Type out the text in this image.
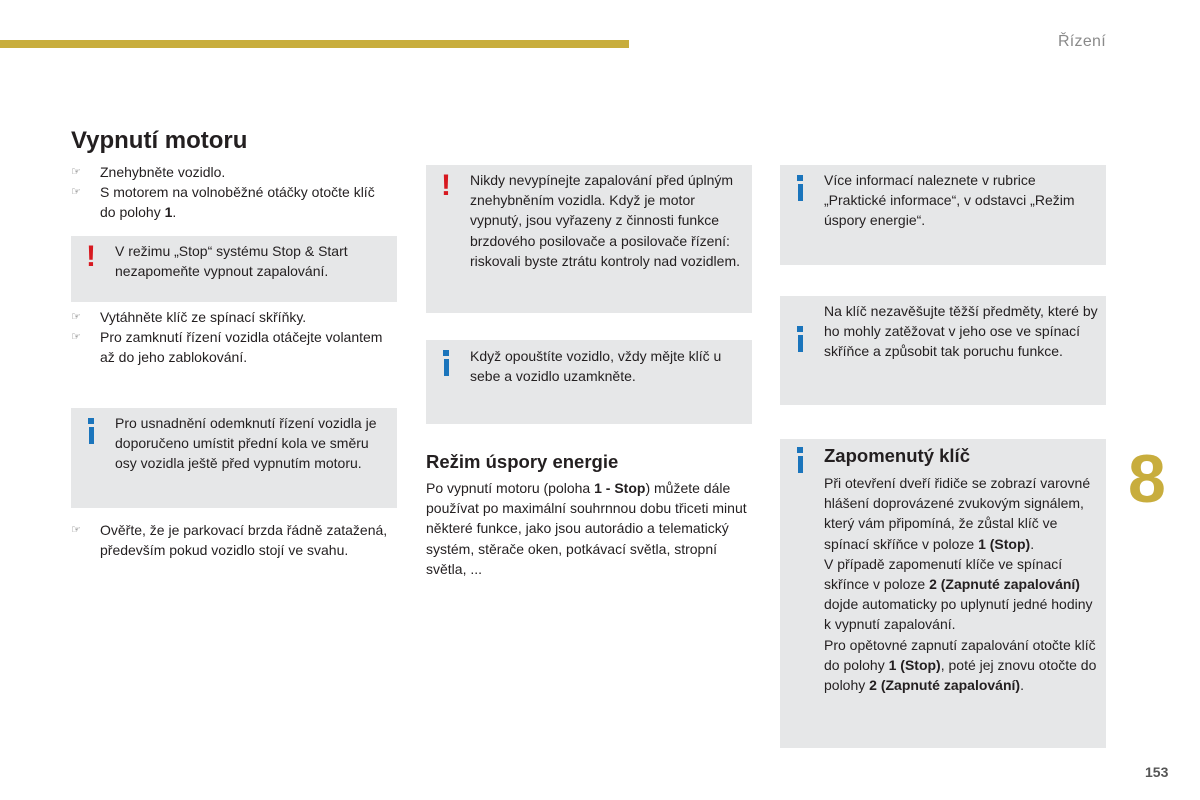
Řízení
8
153
Vypnutí motoru
☞ Znehybněte vozidlo.
☞ S motorem na volnoběžné otáčky otočte klíč do polohy 1.
! V režimu „Stop“ systému Stop & Start nezapomeňte vypnout zapalování.
☞ Vytáhněte klíč ze spínací skříňky.
☞ Pro zamknutí řízení vozidla otáčejte volantem až do jeho zablokování.
Pro usnadnění odemknutí řízení vozidla je doporučeno umístit přední kola ve směru osy vozidla ještě před vypnutím motoru.
☞ Ověřte, že je parkovací brzda řádně zatažená, především pokud vozidlo stojí ve svahu.
! Nikdy nevypínejte zapalování před úplným znehybněním vozidla. Když je motor vypnutý, jsou vyřazeny z činnosti funkce brzdového posilovače a posilovače řízení: riskovali byste ztrátu kontroly nad vozidlem.
Když opouštíte vozidlo, vždy mějte klíč u sebe a vozidlo uzamkněte.
Režim úspory energie
Po vypnutí motoru (poloha 1 - Stop) můžete dále používat po maximální souhrnnou dobu třiceti minut některé funkce, jako jsou autorádio a telematický systém, stěrače oken, potkávací světla, stropní světla, ...
Více informací naleznete v rubrice „Praktické informace“, v odstavci „Režim úspory energie“.
Na klíč nezavěšujte těžší předměty, které by ho mohly zatěžovat v jeho ose ve spínací skříňce a způsobit tak poruchu funkce.
Zapomenutý klíč
Při otevření dveří řidiče se zobrazí varovné hlášení doprovázené zvukovým signálem, který vám připomíná, že zůstal klíč ve spínací skříňce v poloze 1 (Stop).
V případě zapomenutí klíče ve spínací skřínce v poloze 2 (Zapnuté zapalování) dojde automaticky po uplynutí jedné hodiny k vypnutí zapalování.
Pro opětovné zapnutí zapalování otočte klíč do polohy 1 (Stop), poté jej znovu otočte do polohy 2 (Zapnuté zapalování).
